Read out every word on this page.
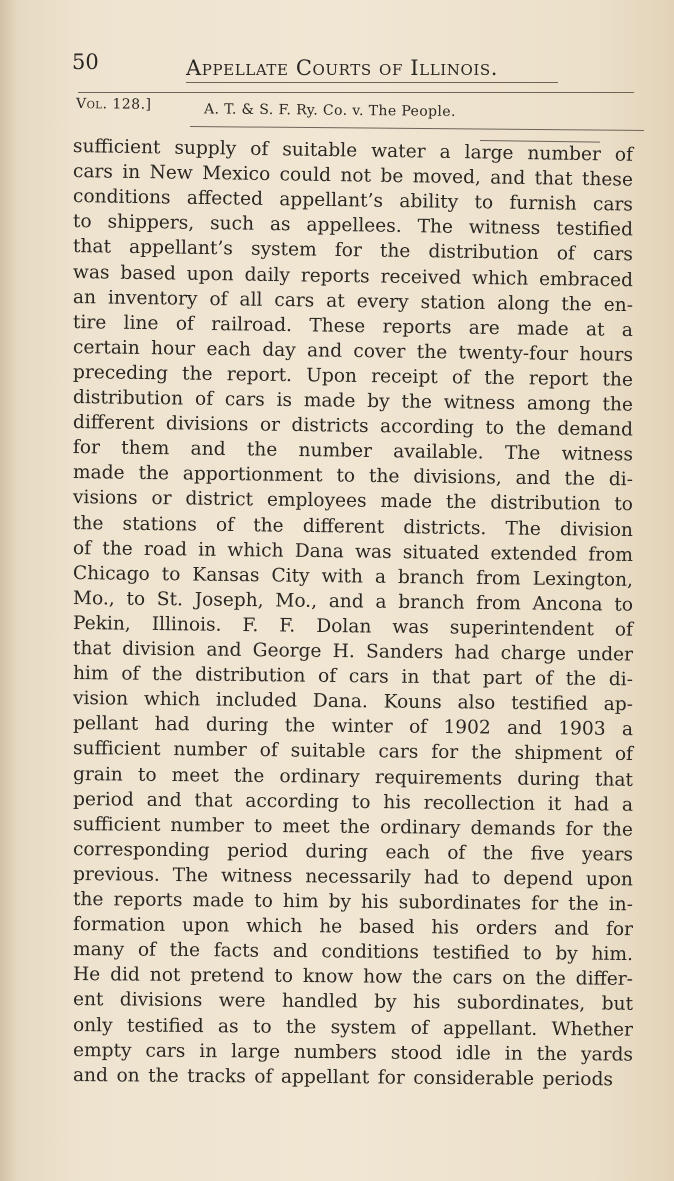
50	Appellate Courts of Illinois.
Vol. 128.]	A. T. & S. F. Ry. Co. v. The People.
sufficient supply of suitable water a large number of
cars in New Mexico could not be moved, and that these
conditions affected appellant’s ability to furnish cars
to shippers, such as appellees. The witness testified
that appellant’s system for the distribution of cars
was based upon daily reports received which embraced
an inventory of all cars at every station along the en-
tire line of railroad. These reports are made at a
certain hour each day and cover the twenty-four hours
preceding the report. Upon receipt of the report the
distribution of cars is made by the witness among the
different divisions or districts according to the demand
for them and the number available. The witness
made the apportionment to the divisions, and the di-
visions or district employees made the distribution to
the stations of the different districts. The division
of the road in which Dana was situated extended from
Chicago to Kansas City with a branch from Lexington,
Mo., to St. Joseph, Mo., and a branch from Ancona to
Pekin, Illinois. F. F. Dolan was superintendent of
that division and George H. Sanders had charge under
him of the distribution of cars in that part of the di-
vision which included Dana. Kouns also testified ap-
pellant had during the winter of 1902 and 1903 a
sufficient number of suitable cars for the shipment of
grain to meet the ordinary requirements during that
period and that according to his recollection it had a
sufficient number to meet the ordinary demands for the
corresponding period during each of the five years
previous. The witness necessarily had to depend upon
the reports made to him by his subordinates for the in-
formation upon which he based his orders and for
many of the facts and conditions testified to by him.
He did not pretend to know how the cars on the differ-
ent divisions were handled by his subordinates, but
only testified as to the system of appellant. Whether
empty cars in large numbers stood idle in the yards
and on the tracks of appellant for considerable periods
